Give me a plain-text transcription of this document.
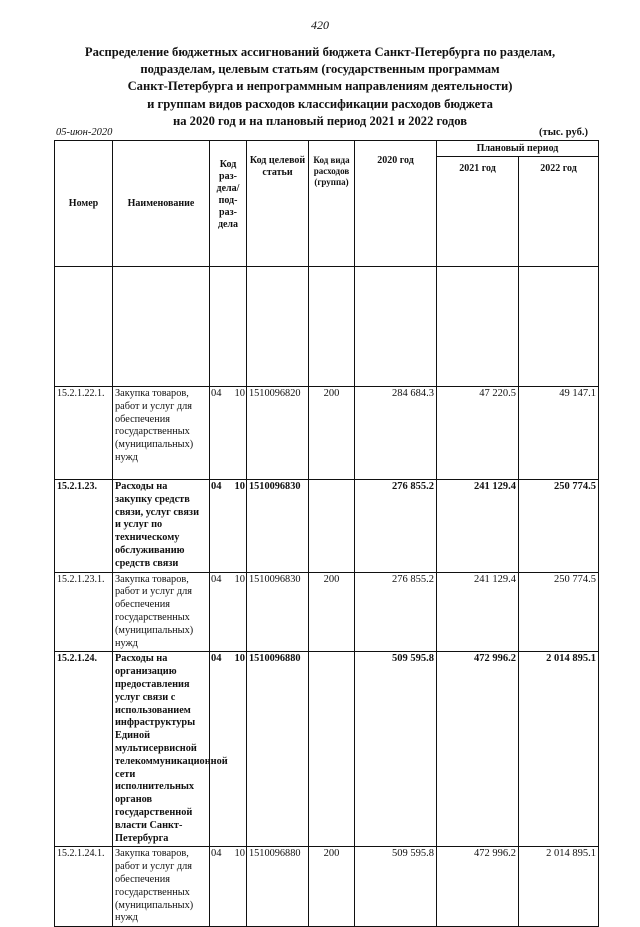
420
Распределение бюджетных ассигнований бюджета Санкт-Петербурга по разделам,
подразделам, целевым статьям (государственным программам
Санкт-Петербурга и непрограммным направлениям деятельности)
и группам видов расходов классификации расходов бюджета
на 2020 год и на плановый период 2021 и 2022 годов
05-июн-2020	(тыс. руб.)
Номер	Наименование	Код раз-дела/ под-раз-дела	Код целевой статьи	Код вида расходов (группа)	2020 год	Плановый период	
						2021 год	2022 год

15.2.1.22.1.	Закупка товаров, работ и услуг для обеспечения государственных (муниципальных) нужд	04 10	1510096820	200	284 684.3	47 220.5	49 147.1
15.2.1.23.	Расходы на закупку средств связи, услуг связи и услуг по техническому обслуживанию средств связи	04 10	1510096830		276 855.2	241 129.4	250 774.5
15.2.1.23.1.	Закупка товаров, работ и услуг для обеспечения государственных (муниципальных) нужд	04 10	1510096830	200	276 855.2	241 129.4	250 774.5
15.2.1.24.	Расходы на организацию предоставления услуг связи с использованием инфраструктуры Единой мультисервисной телекоммуникационной сети исполнительных органов государственной власти Санкт-Петербурга	04 10	1510096880		509 595.8	472 996.2	2 014 895.1
15.2.1.24.1.	Закупка товаров, работ и услуг для обеспечения государственных (муниципальных) нужд	04 10	1510096880	200	509 595.8	472 996.2	2 014 895.1
